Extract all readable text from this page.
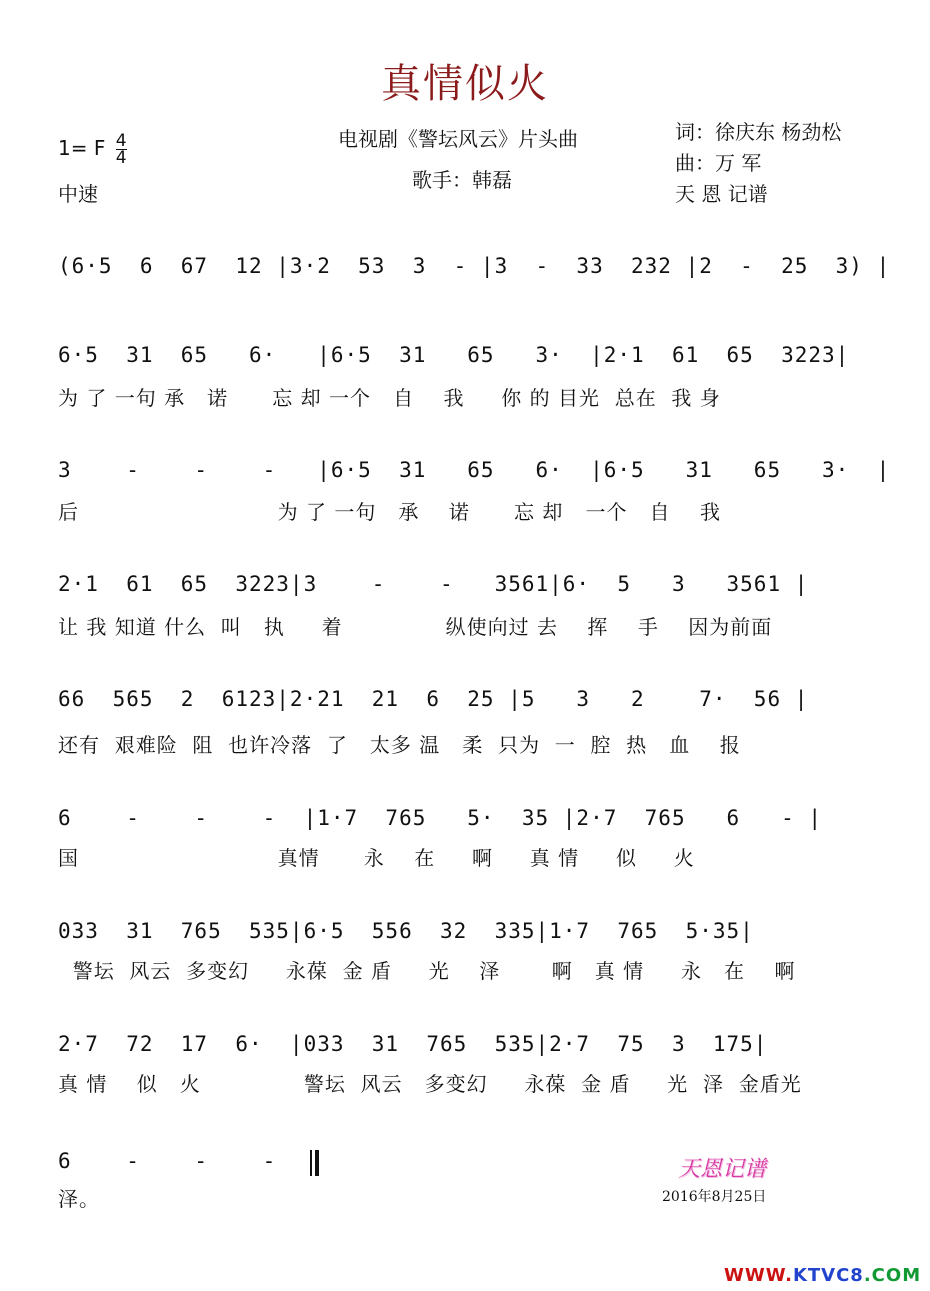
真情似火
1= F $\frac{4}{4}$
中速
电视剧《警坛风云》片头曲
歌手：韩磊
词：徐庆东 杨劲松
曲：万 军
天 恩 记谱
(6·5  6  67  12 |3·2  53  3  - |3  -  33  232 |2  -  25  3) |
6·5  31  65   6·   |6·5  31   65   3·  |2·1  61  65  3223|
为 了 一句 承   诺      忘 却 一个   自    我     你 的 目光  总在  我 身
3    -    -    -   |6·5  31   65   6·  |6·5   31   65   3·  |
后                           为 了 一句   承    诺      忘 却   一个   自    我
2·1  61  65  3223|3    -    -   3561|6·  5   3   3561 |
让 我 知道 什么  叫   执     着              纵使向过 去    挥    手    因为前面
66  565  2  6123|2·21  21  6  25 |5   3   2    7·  56 |
还有  艰难险  阻  也许冷落  了   太多 温   柔  只为  一  腔  热   血    报
6    -    -    -  |1·7  765   5·  35 |2·7  765   6   - |
国                           真情      永    在     啊     真 情     似     火
033  31  765  535|6·5  556  32  335|1·7  765  5·35|
警坛  风云  多变幻     永葆  金 盾     光    泽       啊   真 情     永   在    啊
2·7  72  17  6·  |033  31  765  535|2·7  75  3  175|
真 情    似   火              警坛  风云   多变幻     永葆  金 盾     光  泽  金盾光
6    -    -    -
泽。
天恩记谱
2016年8月25日
WWW.KTVC8.COM
